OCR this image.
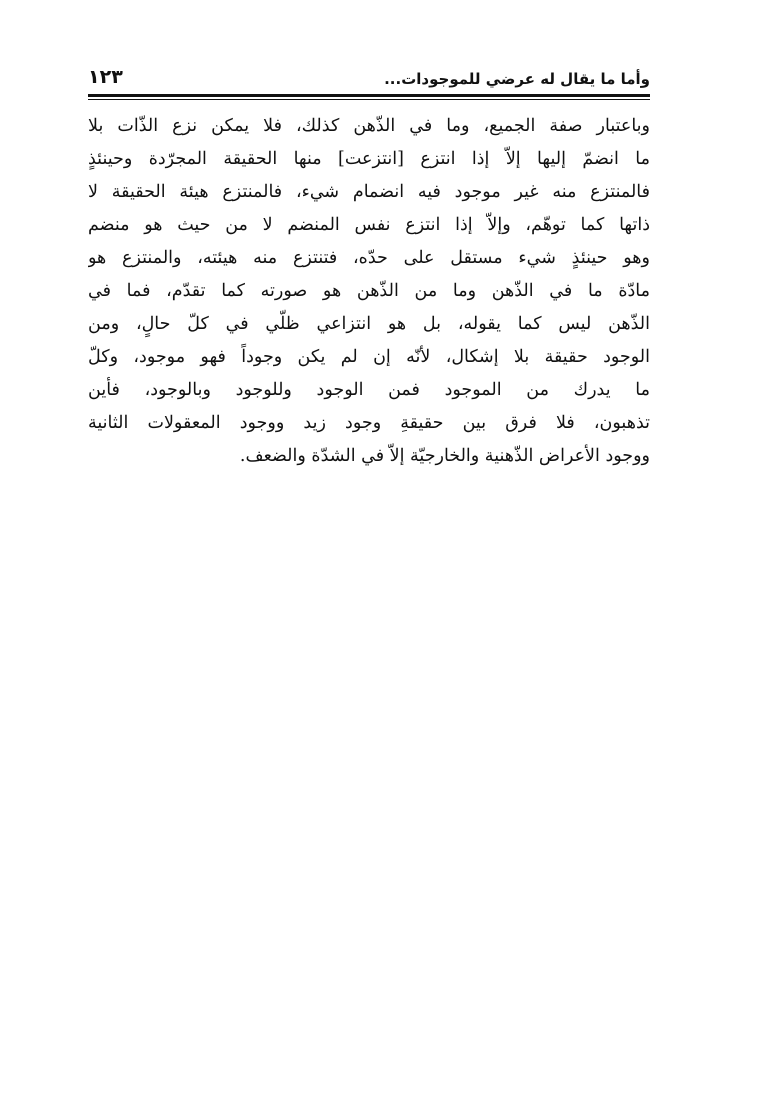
وأما ما يقال له عرضي للموجودات...
١٢٣
وباعتبار صفة الجميع، وما في الذّهن كذلك، فلا يمكن نزع الذّات بلا
ما انضمّ إليها إلاّ إذا انتزع [انتزعت] منها الحقيقة المجرّدة وحينئذٍ
فالمنتزع منه غير موجود فيه انضمام شيء، فالمنتزع هيئة الحقيقة لا
ذاتها كما توهّم، وإلاّ إذا انتزع نفس المنضم لا من حيث هو منضم
وهو حينئذٍ شيء مستقل على حدّه، فتنتزع منه هيئته، والمنتزع هو
مادّة ما في الذّهن وما من الذّهن هو صورته كما تقدّم، فما في
الذّهن ليس كما يقوله، بل هو انتزاعي ظلّي في كلّ حالٍ، ومن
الوجود حقيقة بلا إشكال، لأنّه إن لم يكن وجوداً فهو موجود، وكلّ
ما يدرك من الموجود فمن الوجود وللوجود وبالوجود، فأين
تذهبون، فلا فرق بين حقيقةِ وجود زيد ووجود المعقولات الثانية
ووجود الأعراض الذّهنية والخارجيّة إلاّ في الشدّة والضعف.
